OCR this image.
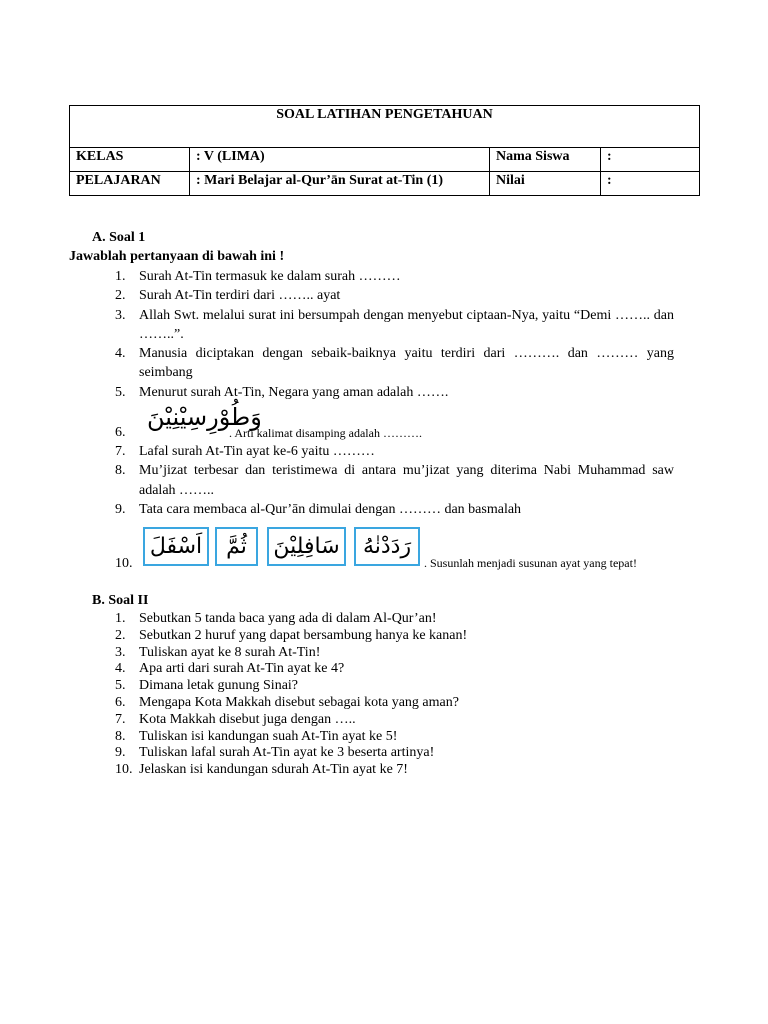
SOAL LATIHAN PENGETAHUAN			
KELAS	: V (LIMA)	Nama Siswa	:
PELAJARAN	: Mari Belajar al-Qur’ān Surat at-Tin (1)	Nilai	:
A. Soal 1
Jawablah pertanyaan di bawah ini !
1. Surah At-Tin termasuk ke dalam surah ………
2. Surah At-Tin terdiri dari …….. ayat
3. Allah Swt. melalui surat ini bersumpah dengan menyebut ciptaan-Nya, yaitu “Demi …….. dan ……..”.
4. Manusia diciptakan dengan sebaik-baiknya yaitu terdiri dari ………. dan ……… yang seimbang
5. Menurut surah At-Tin, Negara yang aman adalah …….
6.
وَطُوْرِسِيْنِيْنَ
. Arti kalimat disamping adalah ……….
7. Lafal surah At-Tin ayat ke-6 yaitu ………
8. Mu’jizat terbesar dan teristimewa di antara mu’jizat yang diterima Nabi Muhammad saw adalah ……..
9. Tata cara membaca al-Qur’ān dimulai dengan ……… dan basmalah
10.
اَسْفَلَ	ثُمَّ	سَافِلِيْنَ	رَدَدْنٰهُ
. Susunlah menjadi susunan ayat yang tepat!
B. Soal II
1. Sebutkan 5 tanda baca yang ada di dalam Al-Qur’an!
2. Sebutkan 2 huruf yang dapat bersambung hanya ke kanan!
3. Tuliskan ayat ke 8 surah At-Tin!
4. Apa arti dari surah At-Tin ayat ke 4?
5. Dimana letak gunung Sinai?
6. Mengapa Kota Makkah disebut sebagai kota yang aman?
7. Kota Makkah disebut juga dengan …..
8. Tuliskan isi kandungan suah At-Tin ayat ke 5!
9. Tuliskan lafal surah At-Tin ayat ke 3 beserta artinya!
10. Jelaskan isi kandungan sdurah At-Tin ayat ke 7!
